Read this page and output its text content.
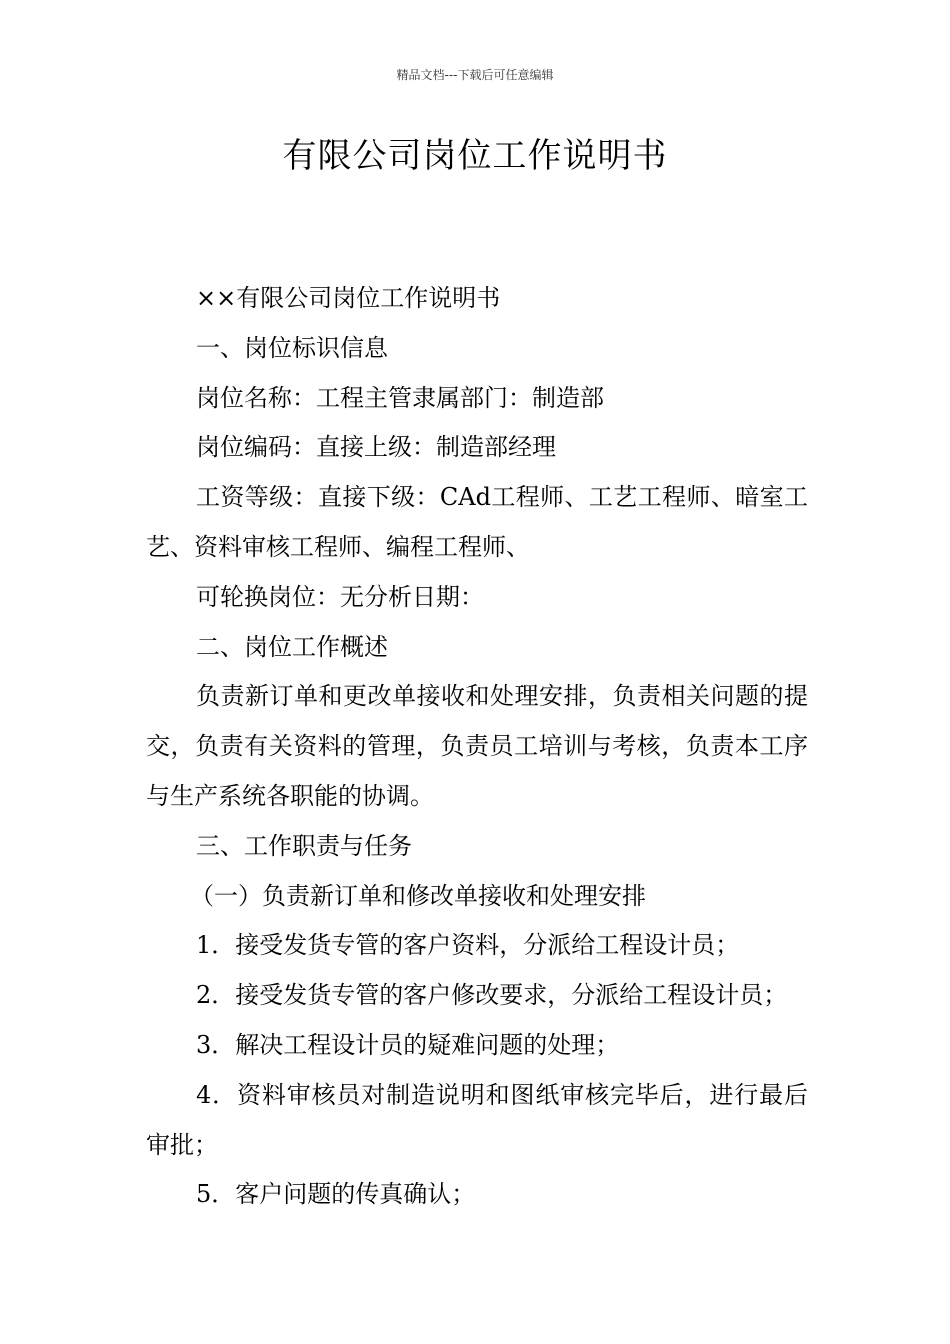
精品文档---下载后可任意编辑
有限公司岗位工作说明书

××有限公司岗位工作说明书

一、岗位标识信息

岗位名称：工程主管隶属部门：制造部

岗位编码：直接上级：制造部经理

工资等级：直接下级：CAd工程师、工艺工程师、暗室工艺、资料审核工程师、编程工程师、

可轮换岗位：无分析日期：

二、岗位工作概述

负责新订单和更改单接收和处理安排，负责相关问题的提交，负责有关资料的管理，负责员工培训与考核，负责本工序与生产系统各职能的协调。

三、工作职责与任务

（一）负责新订单和修改单接收和处理安排

1．接受发货专管的客户资料，分派给工程设计员；

2．接受发货专管的客户修改要求，分派给工程设计员；

3．解决工程设计员的疑难问题的处理；

4．资料审核员对制造说明和图纸审核完毕后，进行最后审批；

5．客户问题的传真确认；
